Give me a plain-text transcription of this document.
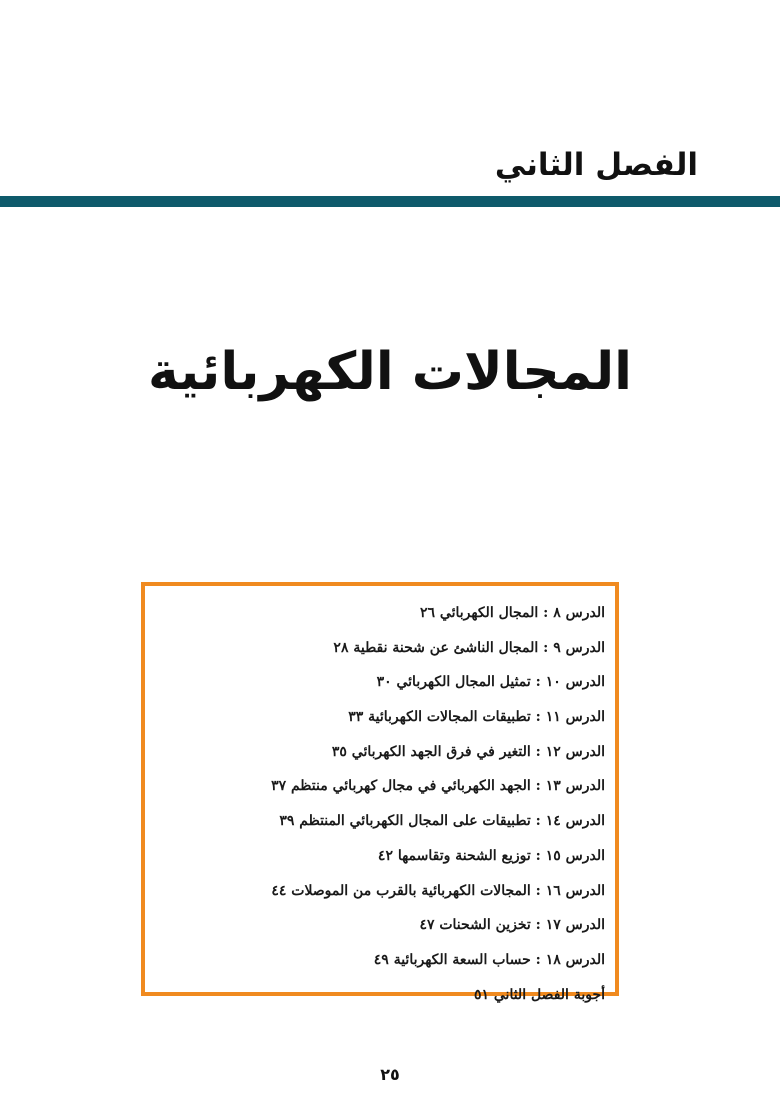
الفصل الثاني
المجالات الكهربائية
الدرس ٨ : المجال الكهربائي ٢٦
الدرس ٩ : المجال الناشئ عن شحنة نقطية ٢٨
الدرس ١٠ : تمثيل المجال الكهربائي ٣٠
الدرس ١١ : تطبيقات المجالات الكهربائية ٣٣
الدرس ١٢ : التغير في فرق الجهد الكهربائي ٣٥
الدرس ١٣ : الجهد الكهربائي في مجال كهربائي منتظم ٣٧
الدرس ١٤ : تطبيقات على المجال الكهربائي المنتظم ٣٩
الدرس ١٥ : توزيع الشحنة وتقاسمها ٤٢
الدرس ١٦ : المجالات الكهربائية بالقرب من الموصلات ٤٤
الدرس ١٧ : تخزين الشحنات ٤٧
الدرس ١٨ : حساب السعة الكهربائية ٤٩
أجوبة الفصل الثاني ٥١
٢٥
